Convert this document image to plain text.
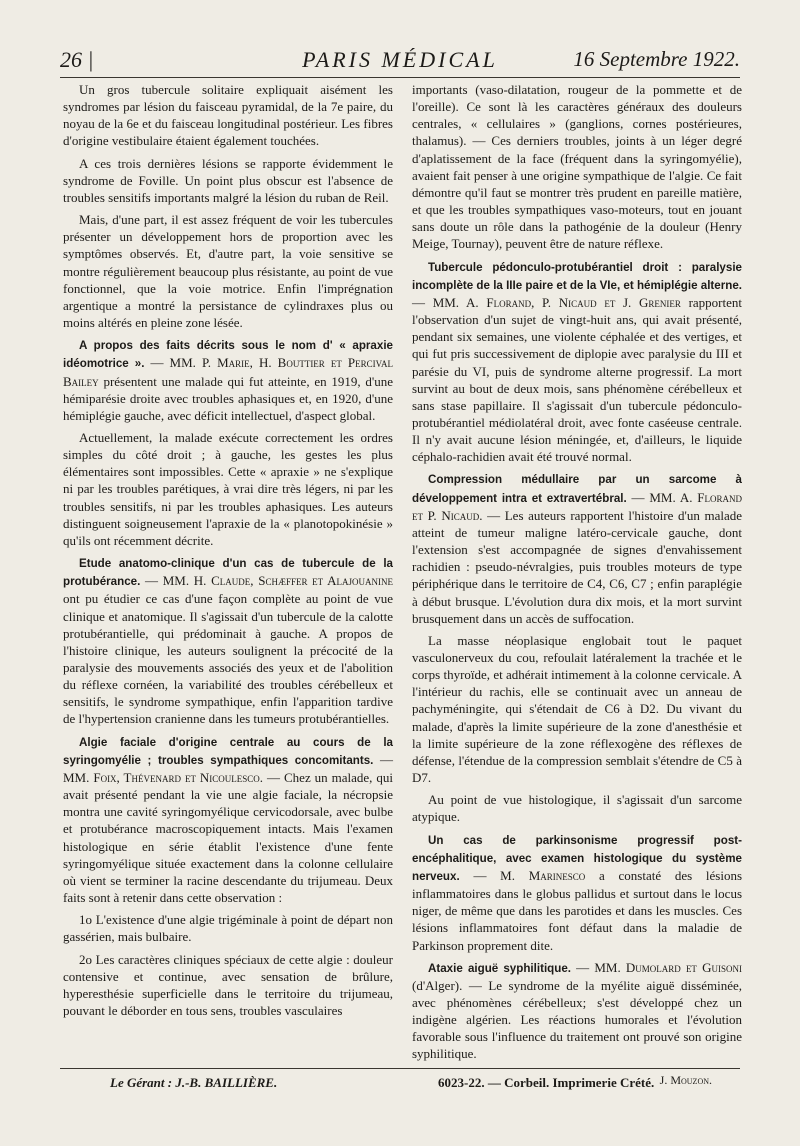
26 |	PARIS MÉDICAL	16 Septembre 1922.

Un gros tubercule solitaire expliquait aisément les syndromes par lésion du faisceau pyramidal, de la 7e paire, du noyau de la 6e et du faisceau longitudinal postérieur. Les fibres d'origine vestibulaire étaient également touchées.

A ces trois dernières lésions se rapporte évidemment le syndrome de Foville. Un point plus obscur est l'absence de troubles sensitifs importants malgré la lésion du ruban de Reil.

Mais, d'une part, il est assez fréquent de voir les tubercules présenter un développement hors de proportion avec les symptômes observés. Et, d'autre part, la voie sensitive se montre régulièrement beaucoup plus résistante, au point de vue fonctionnel, que la voie motrice. Enfin l'imprégnation argentique a montré la persistance de cylindraxes plus ou moins altérés en pleine zone lésée.

A propos des faits décrits sous le nom d' « apraxie idéomotrice ». — MM. P. Marie, H. Bouttier et Percival Bailey présentent une malade qui fut atteinte, en 1919, d'une hémiparésie droite avec troubles aphasiques et, en 1920, d'une hémiplégie gauche, avec déficit intellectuel, d'aspect global.

Actuellement, la malade exécute correctement les ordres simples du côté droit ; à gauche, les gestes les plus élémentaires sont impossibles. Cette « apraxie » ne s'explique ni par les troubles parétiques, à vrai dire très légers, ni par les troubles sensitifs, ni par les troubles aphasiques. Les auteurs distinguent soigneusement l'apraxie de la « planotopokinésie » qu'ils ont récemment décrite.

Etude anatomo-clinique d'un cas de tubercule de la protubérance. — MM. H. Claude, Schæffer et Alajouanine ont pu étudier ce cas d'une façon complète au point de vue clinique et anatomique. Il s'agissait d'un tubercule de la calotte protubérantielle, qui prédominait à gauche. A propos de l'histoire clinique, les auteurs soulignent la précocité de la paralysie des mouvements associés des yeux et de l'abolition du réflexe cornéen, la variabilité des troubles cérébelleux et sensitifs, le syndrome sympathique, enfin l'apparition tardive de l'hypertension cranienne dans les tumeurs protubérantielles.

Algie faciale d'origine centrale au cours de la syringomyélie ; troubles sympathiques concomitants. — MM. Foix, Thévenard et Nicoulesco. — Chez un malade, qui avait présenté pendant la vie une algie faciale, la nécropsie montra une cavité syringomyélique cervicodorsale, avec bulbe et protubérance macroscopiquement intacts. Mais l'examen histologique en série établit l'existence d'une fente syringomyélique située exactement dans la colonne cellulaire où vient se terminer la racine descendante du trijumeau. Deux faits sont à retenir dans cette observation :

1o L'existence d'une algie trigéminale à point de départ non gassérien, mais bulbaire.

2o Les caractères cliniques spéciaux de cette algie : douleur contensive et continue, avec sensation de brûlure, hyperesthésie superficielle dans le territoire du trijumeau, pouvant le déborder en tous sens, troubles vasculaires

importants (vaso-dilatation, rougeur de la pommette et de l'oreille). Ce sont là les caractères généraux des douleurs centrales, « cellulaires » (ganglions, cornes postérieures, thalamus). — Ces derniers troubles, joints à un léger degré d'aplatissement de la face (fréquent dans la syringomyélie), avaient fait penser à une origine sympathique de l'algie. Ce fait démontre qu'il faut se montrer très prudent en pareille matière, et que les troubles sympathiques vaso-moteurs, tout en jouant sans doute un rôle dans la pathogénie de la douleur (Henry Meige, Tournay), peuvent être de nature réflexe.

Tubercule pédonculo-protubérantiel droit : paralysie incomplète de la IIIe paire et de la VIe, et hémiplégie alterne. — MM. A. Florand, P. Nicaud et J. Grenier rapportent l'observation d'un sujet de vingt-huit ans, qui avait présenté, pendant six semaines, une violente céphalée et des vertiges, et qui fut pris successivement de diplopie avec paralysie du III et parésie du VI, puis de syndrome alterne progressif. La mort survint au bout de deux mois, sans phénomène cérébelleux et sans stase papillaire. Il s'agissait d'un tubercule pédonculo-protubérantiel médiolatéral droit, avec fonte caséeuse centrale. Il n'y avait aucune lésion méningée, et, d'ailleurs, le liquide céphalo-rachidien avait été trouvé normal.

Compression médullaire par un sarcome à développement intra et extravertébral. — MM. A. Florand et P. Nicaud. — Les auteurs rapportent l'histoire d'un malade atteint de tumeur maligne latéro-cervicale gauche, dont l'extension s'est accompagnée de signes d'envahissement rachidien : pseudo-névralgies, puis troubles moteurs de type périphérique dans le territoire de C4, C6, C7 ; enfin paraplégie à début brusque. L'évolution dura dix mois, et la mort survint brusquement dans un accès de suffocation.

La masse néoplasique englobait tout le paquet vasculonerveux du cou, refoulait latéralement la trachée et le corps thyroïde, et adhérait intimement à la colonne cervicale. A l'intérieur du rachis, elle se continuait avec un anneau de pachyméningite, qui s'étendait de C6 à D2. Du vivant du malade, d'après la limite supérieure de la zone d'anesthésie et la limite supérieure de la zone réflexogène des réflexes de défense, l'étendue de la compression semblait s'étendre de C5 à D7.

Au point de vue histologique, il s'agissait d'un sarcome atypique.

Un cas de parkinsonisme progressif post-encéphalitique, avec examen histologique du système nerveux. — M. Marinesco a constaté des lésions inflammatoires dans le globus pallidus et surtout dans le locus niger, de même que dans les parotides et dans les muscles. Ces lésions inflammatoires font défaut dans la maladie de Parkinson proprement dite.

Ataxie aiguë syphilitique. — MM. Dumolard et Guisoni (d'Alger). — Le syndrome de la myélite aiguë disséminée, avec phénomènes cérébelleux; s'est développé chez un indigène algérien. Les réactions humorales et l'évolution favorable sous l'influence du traitement ont prouvé son origine syphilitique.

J. Mouzon.
Le Gérant : J.-B. BAILLIÈRE.	6023-22. — Corbeil. Imprimerie Crété.
